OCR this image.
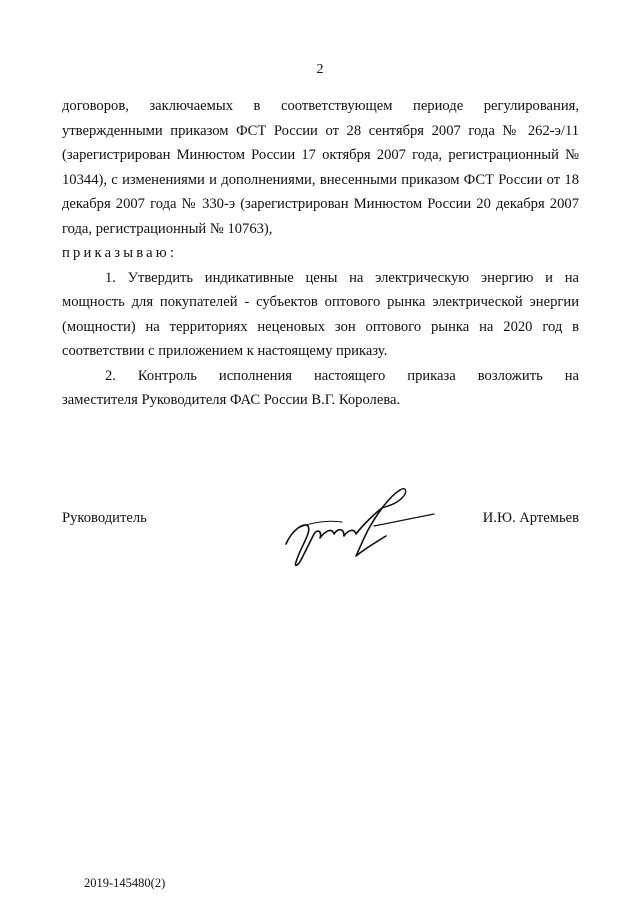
2

договоров, заключаемых в соответствующем периоде регулирования, утвержденными приказом ФСТ России от 28 сентября 2007 года № 262-э/11 (зарегистрирован Минюстом России 17 октября 2007 года, регистрационный № 10344), с изменениями и дополнениями, внесенными приказом ФСТ России от 18 декабря 2007 года № 330-э (зарегистрирован Минюстом России 20 декабря 2007 года, регистрационный № 10763),

приказываю:

1. Утвердить индикативные цены на электрическую энергию и на мощность для покупателей - субъектов оптового рынка электрической энергии (мощности) на территориях неценовых зон оптового рынка на 2020 год в соответствии с приложением к настоящему приказу.

2. Контроль исполнения настоящего приказа возложить на

заместителя Руководителя ФАС России В.Г. Королева.

Руководитель	И.Ю. Артемьев
2019-145480(2)
